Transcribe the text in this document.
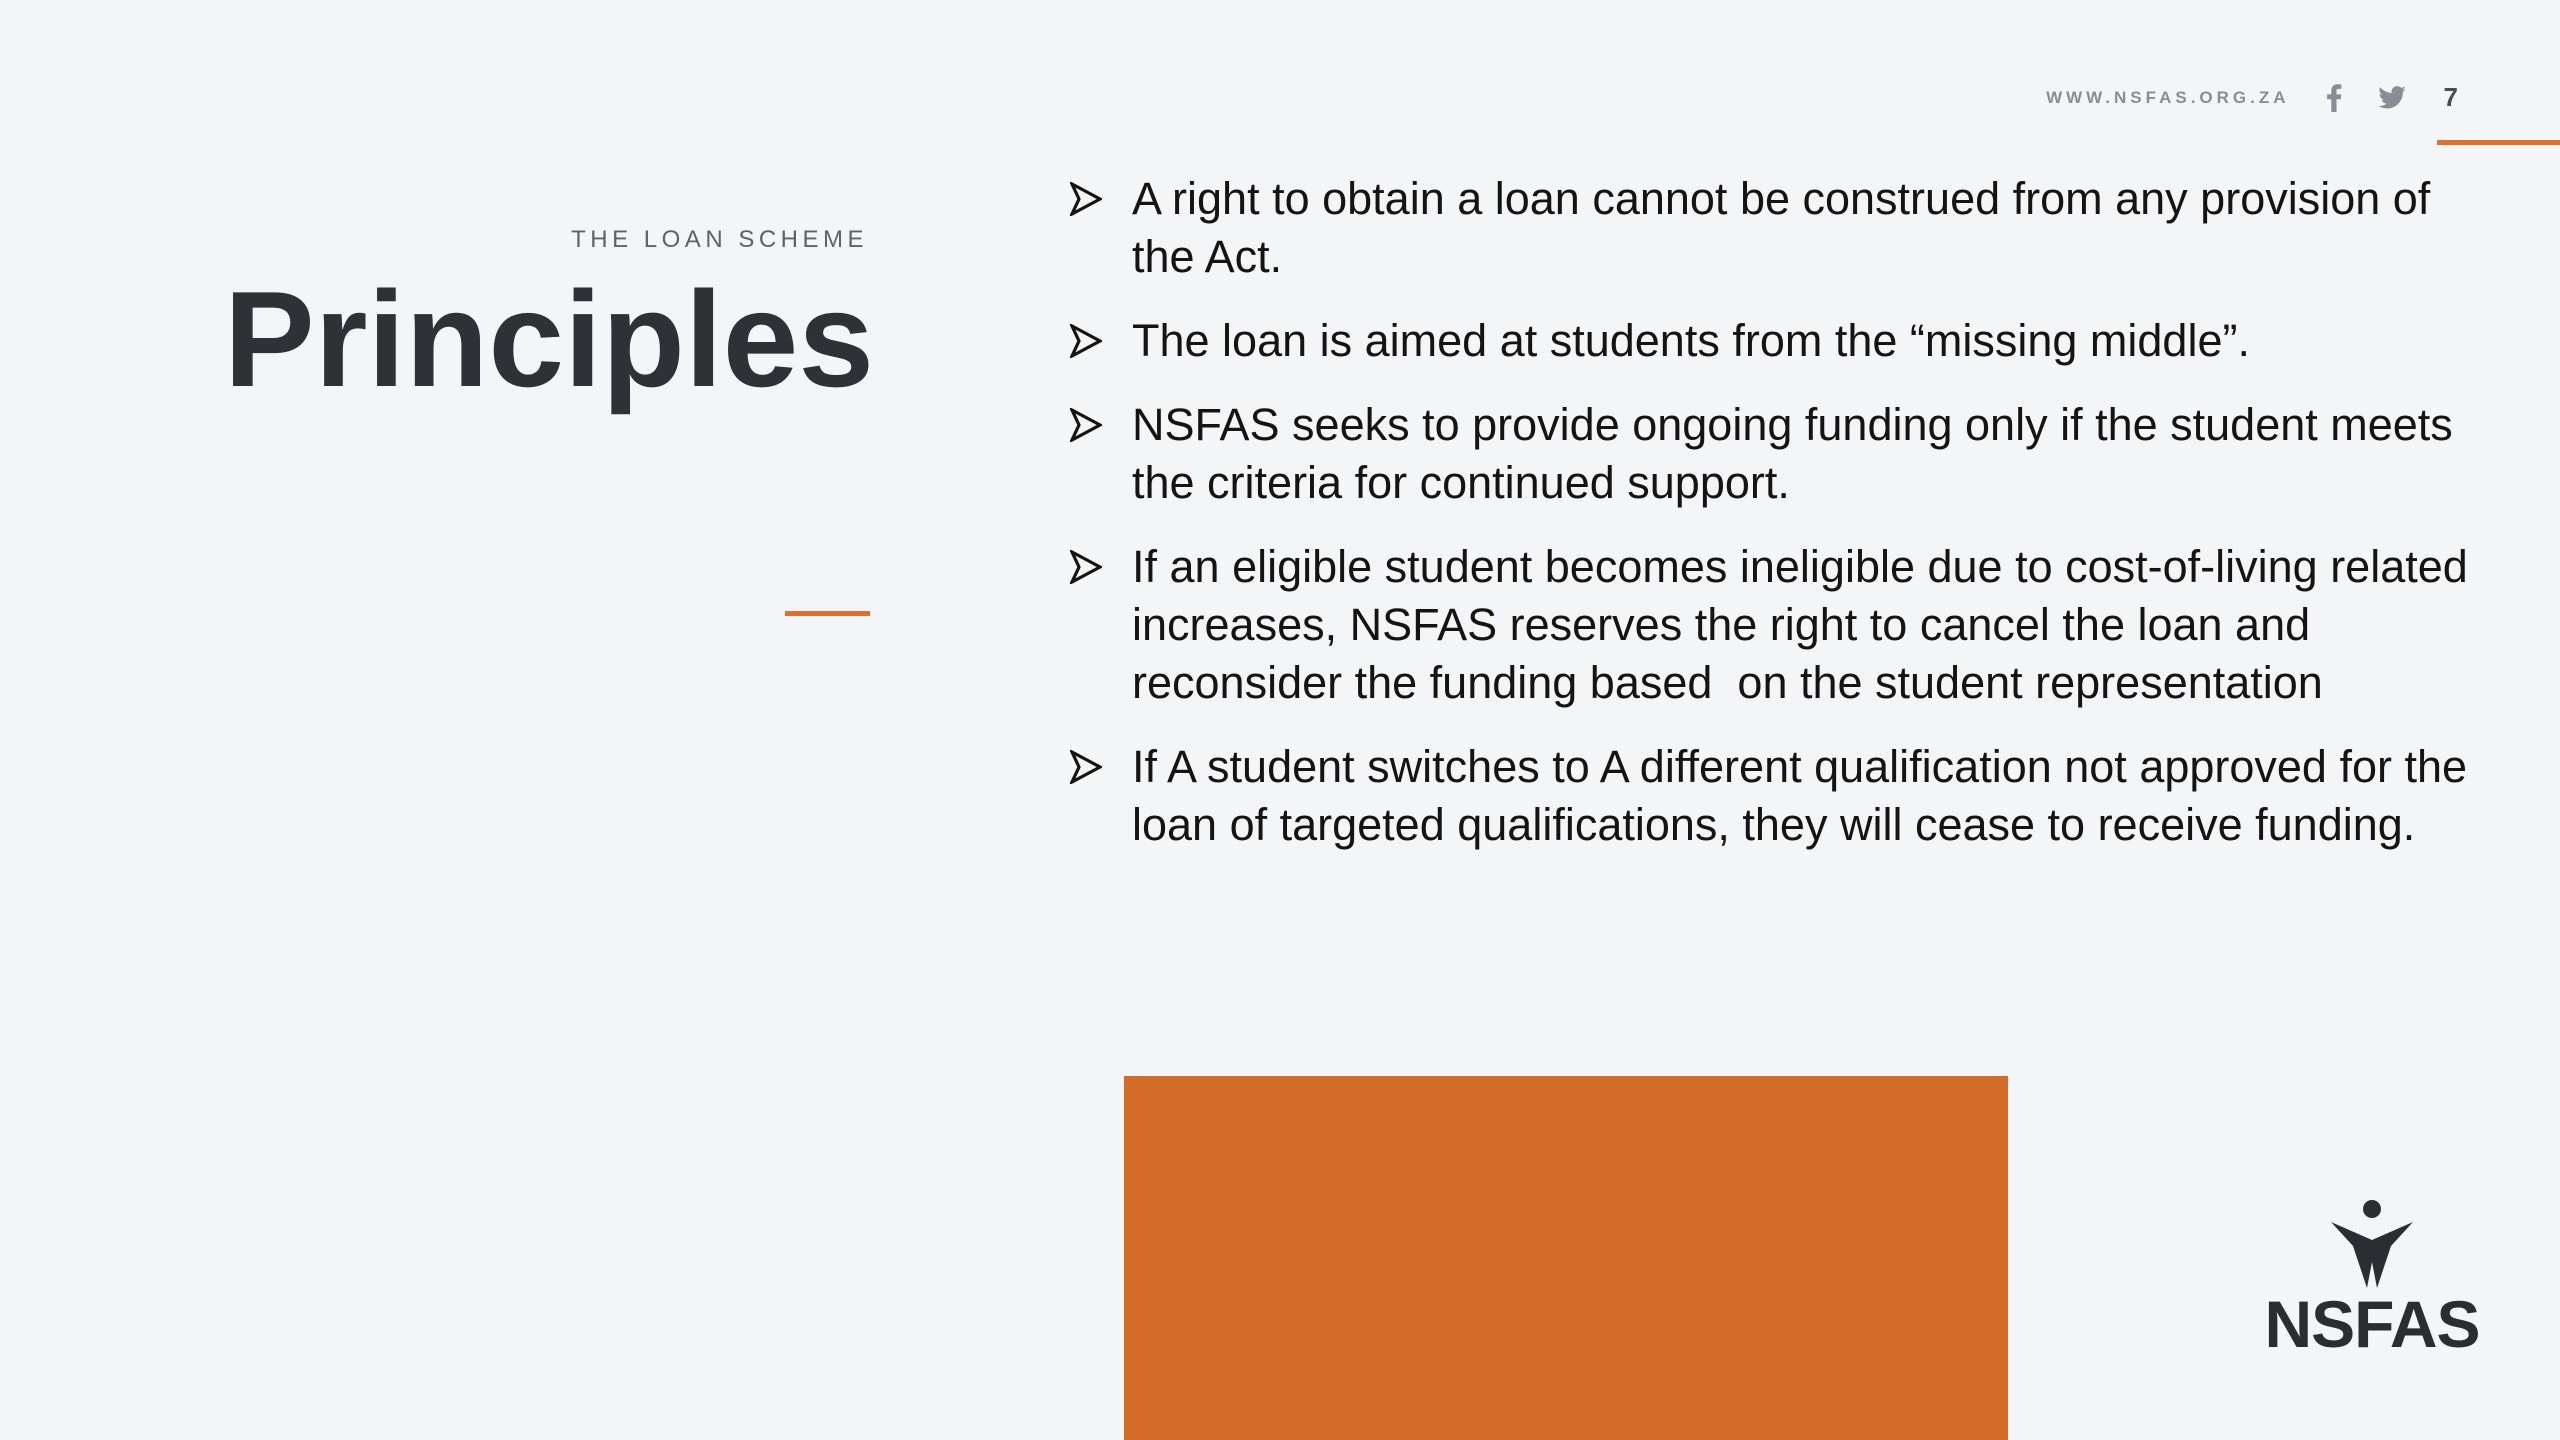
WWW.NSFAS.ORG.ZA	7
THE LOAN SCHEME
Principles
A right to obtain a loan cannot be construed from any provision of the Act.
The loan is aimed at students from the “missing middle”.
NSFAS seeks to provide ongoing funding only if the student meets the criteria for continued support.
If an eligible student becomes ineligible due to cost-of-living related increases, NSFAS reserves the right to cancel the loan and reconsider the funding based  on the student representation
If A student switches to A different qualification not approved for the loan of targeted qualifications, they will cease to receive funding.
NSFAS
